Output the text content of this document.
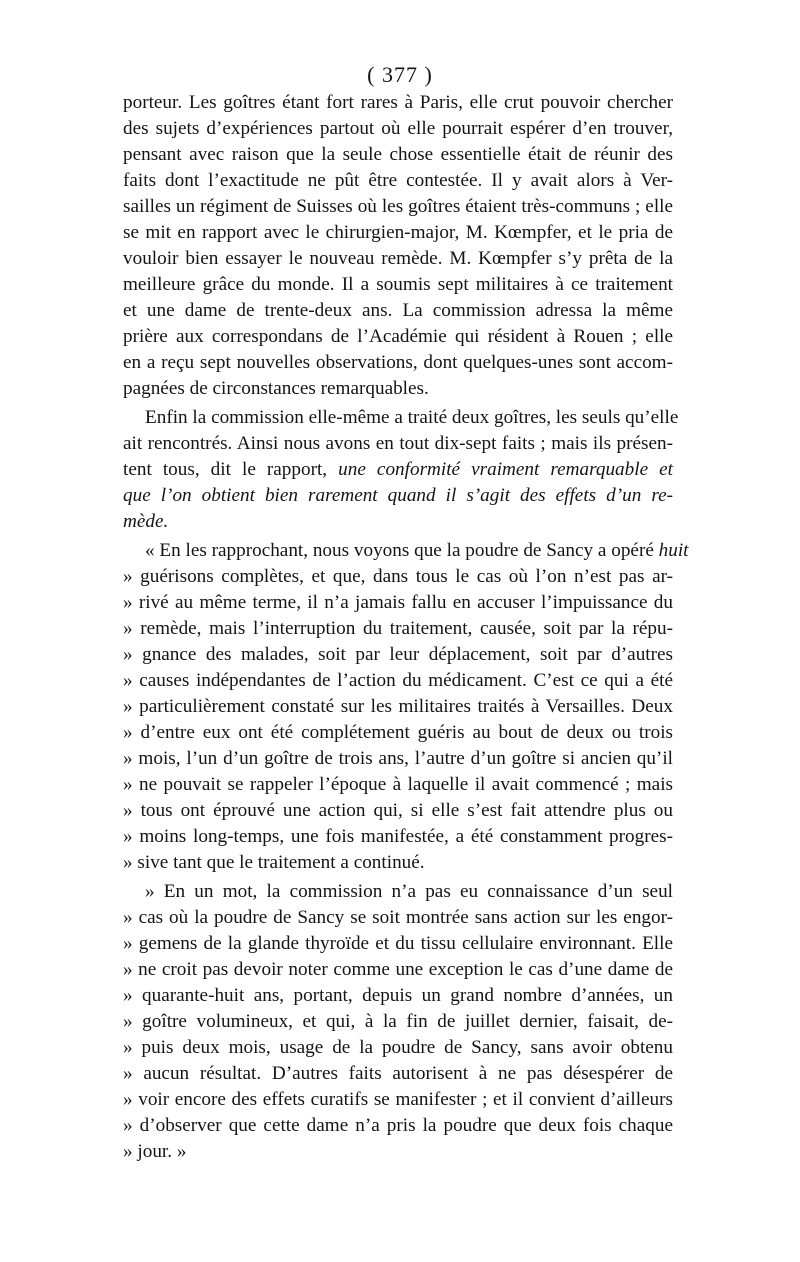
( 377 )
porteur. Les goîtres étant fort rares à Paris, elle crut pouvoir chercher
des sujets d’expériences partout où elle pourrait espérer d’en trouver,
pensant avec raison que la seule chose essentielle était de réunir des
faits dont l’exactitude ne pût être contestée. Il y avait alors à Ver-
sailles un régiment de Suisses où les goîtres étaient très-communs ; elle
se mit en rapport avec le chirurgien-major, M. Kœmpfer, et le pria de
vouloir bien essayer le nouveau remède. M. Kœmpfer s’y prêta de la
meilleure grâce du monde. Il a soumis sept militaires à ce traitement
et une dame de trente-deux ans. La commission adressa la même
prière aux correspondans de l’Académie qui résident à Rouen ; elle
en a reçu sept nouvelles observations, dont quelques-unes sont accom-
pagnées de circonstances remarquables.
Enfin la commission elle-même a traité deux goîtres, les seuls qu’elle
ait rencontrés. Ainsi nous avons en tout dix-sept faits ; mais ils présen-
tent tous, dit le rapport, une conformité vraiment remarquable et
que l’on obtient bien rarement quand il s’agit des effets d’un re-
mède.
« En les rapprochant, nous voyons que la poudre de Sancy a opéré huit
» guérisons complètes, et que, dans tous le cas où l’on n’est pas ar-
» rivé au même terme, il n’a jamais fallu en accuser l’impuissance du
» remède, mais l’interruption du traitement, causée, soit par la répu-
» gnance des malades, soit par leur déplacement, soit par d’autres
» causes indépendantes de l’action du médicament. C’est ce qui a été
» particulièrement constaté sur les militaires traités à Versailles. Deux
» d’entre eux ont été complétement guéris au bout de deux ou trois
» mois, l’un d’un goître de trois ans, l’autre d’un goître si ancien qu’il
» ne pouvait se rappeler l’époque à laquelle il avait commencé ; mais
» tous ont éprouvé une action qui, si elle s’est fait attendre plus ou
» moins long-temps, une fois manifestée, a été constamment progres-
» sive tant que le traitement a continué.
» En un mot, la commission n’a pas eu connaissance d’un seul
» cas où la poudre de Sancy se soit montrée sans action sur les engor-
» gemens de la glande thyroïde et du tissu cellulaire environnant. Elle
» ne croit pas devoir noter comme une exception le cas d’une dame de
» quarante-huit ans, portant, depuis un grand nombre d’années, un
» goître volumineux, et qui, à la fin de juillet dernier, faisait, de-
» puis deux mois, usage de la poudre de Sancy, sans avoir obtenu
» aucun résultat. D’autres faits autorisent à ne pas désespérer de
» voir encore des effets curatifs se manifester ; et il convient d’ailleurs
» d’observer que cette dame n’a pris la poudre que deux fois chaque
» jour. »
